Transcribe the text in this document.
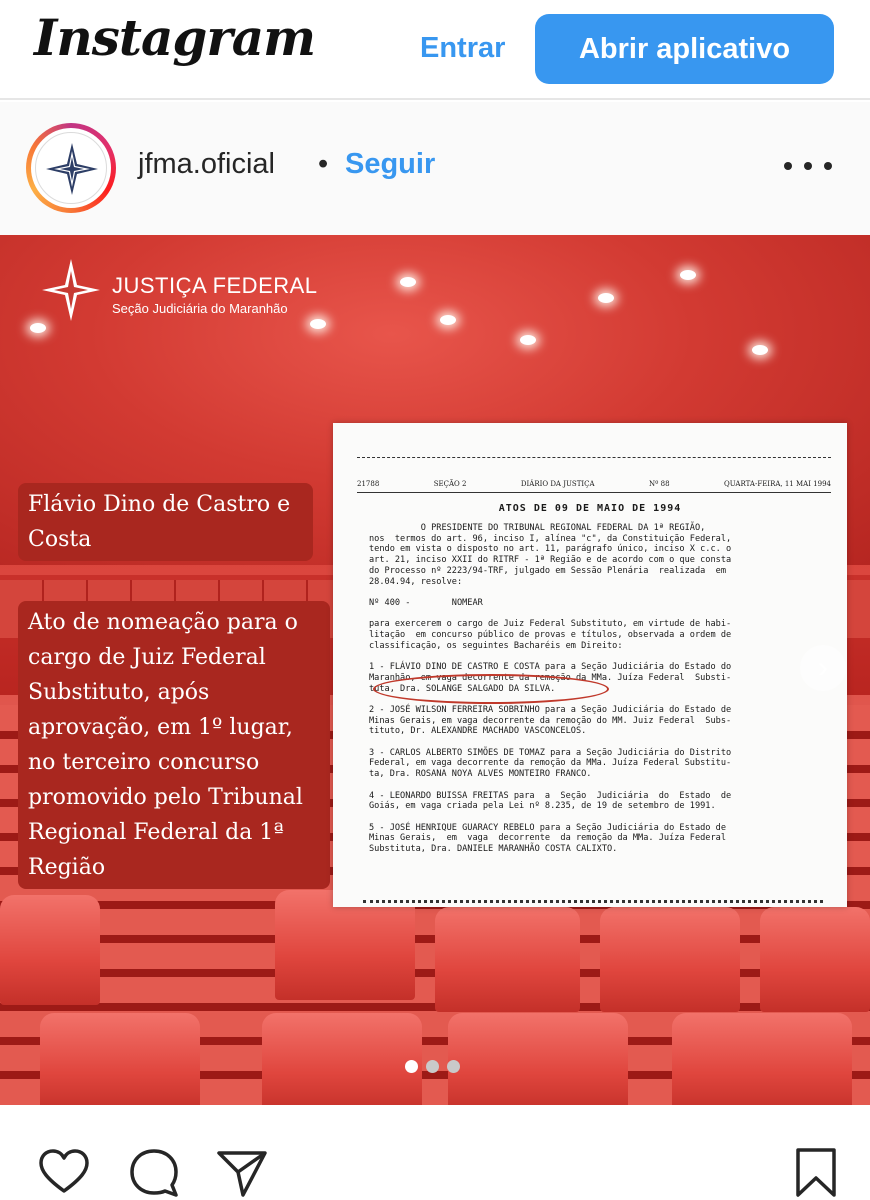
Instagram	Entrar	Abrir aplicativo
jfma.oficial • Seguir
JUSTIÇA FEDERAL
Seção Judiciária do Maranhão
Flávio Dino de Castro e Costa
Ato de nomeação para o cargo de Juiz Federal Substituto, após aprovação, em 1º lugar, no terceiro concurso promovido pelo Tribunal Regional Federal da 1ª Região
21788	SEÇÃO 2	DIÁRIO DA JUSTIÇA	Nº 88	QUARTA-FEIRA, 11 MAI 1994
ATOS DE 09 DE MAIO DE 1994
O PRESIDENTE DO TRIBUNAL REGIONAL FEDERAL DA 1ª REGIÃO,
nos  termos do art. 96, inciso I, alínea "c", da Constituição Federal,
tendo em vista o disposto no art. 11, parágrafo único, inciso X c.c. o
art. 21, inciso XXII do RITRF - 1ª Região e de acordo com o que consta
do Processo nº 2223/94-TRF, julgado em Sessão Plenária  realizada  em
28.04.94, resolve:

Nº 400 -        NOMEAR

para exercerem o cargo de Juiz Federal Substituto, em virtude de habi-
litação  em concurso público de provas e títulos, observada a ordem de
classificação, os seguintes Bacharéis em Direito:

1 - FLÁVIO DINO DE CASTRO E COSTA para a Seção Judiciária do Estado do
Maranhão, em vaga decorrente da remoção da MMa. Juíza Federal  Substi-
tuta, Dra. SOLANGE SALGADO DA SILVA.

2 - JOSÉ WILSON FERREIRA SOBRINHO para a Seção Judiciária do Estado de
Minas Gerais, em vaga decorrente da remoção do MM. Juiz Federal  Subs-
tituto, Dr. ALEXANDRE MACHADO VASCONCELOS.

3 - CARLOS ALBERTO SIMÕES DE TOMAZ para a Seção Judiciária do Distrito
Federal, em vaga decorrente da remoção da MMa. Juíza Federal Substitu-
ta, Dra. ROSANA NOYA ALVES MONTEIRO FRANCO.

4 - LEONARDO BUISSA FREITAS para  a  Seção  Judiciária  do  Estado  de
Goiás, em vaga criada pela Lei nº 8.235, de 19 de setembro de 1991.

5 - JOSÉ HENRIQUE GUARACY REBELO para a Seção Judiciária do Estado de
Minas Gerais,  em  vaga  decorrente  da remoção da MMa. Juíza Federal
Substituta, Dra. DANIELE MARANHÃO COSTA CALIXTO.
›
